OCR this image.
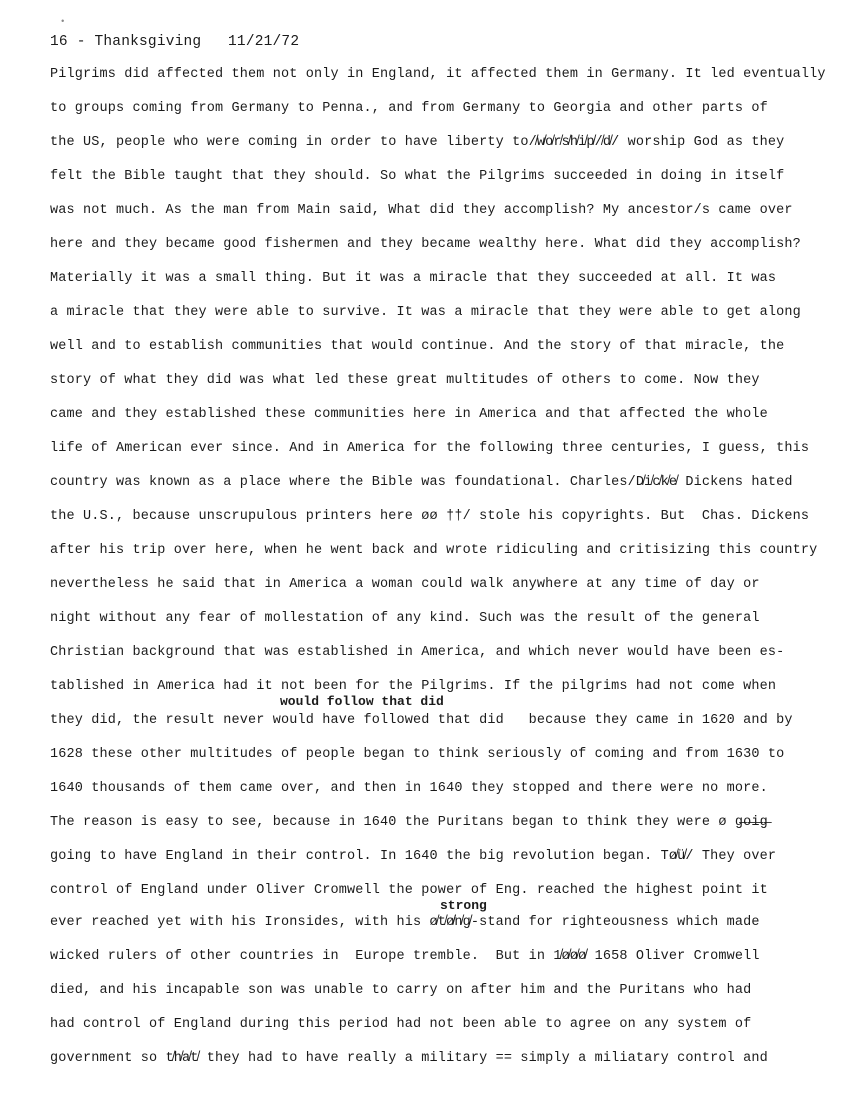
•
16 - Thanksgiving   11/21/72
Pilgrims did affected them not only in England, it affected them in Germany. It led eventually
to groups coming from Germany to Penna., and from Germany to Georgia and other parts of
the US, people who were coming in order to have liberty to/̸w̸o̸r̸s̸h̸i̸p̸/̸d̸/ worship God as they
felt the Bible taught that they should. So what the Pilgrims succeeded in doing in itself
was not much. As the man from Main said, What did they accomplish? My ancestor/s came over
here and they became good fishermen and they became wealthy here. What did they accomplish?
Materially it was a small thing. But it was a miracle that they succeeded at all. It was
a miracle that they were able to survive. It was a miracle that they were able to get along
well and to establish communities that would continue. And the story of that miracle, the
story of what they did was what led these great multitudes of others to come. Now they
came and they established these communities here in America and that affected the whole
life of American ever since. And in America for the following three centuries, I guess, this
country was known as a place where the Bible was foundational. Charles/D̸i̸c̸k̸e̸ Dickens hated
the U.S., because unscrupulous printers here øø ††/ stole his copyrights. But  Chas. Dickens
after his trip over here, when he went back and wrote ridiculing and critisizing this country
nevertheless he said that in America a woman could walk anywhere at any time of day or
night without any fear of mollestation of any kind. Such was the result of the general
Christian background that was established in America, and which never would have been es-
tablished in America had it not been for the Pilgrims. If the pilgrims had not come when
would follow that did
they did, the result never would have followed that did   because they came in 1620 and by
1628 these other multitudes of people began to think seriously of coming and from 1630 to
1640 thousands of them came over, and then in 1640 they stopped and there were no more.
The reason is easy to see, because in 1640 the Puritans began to think they were ø g̶o̶i̶g̶
going to have England in their control. In 1640 the big revolution began. Tø̸ü̸/ They over
control of England under Oliver Cromwell the power of Eng. reached the highest point it
strong
ever reached yet with his Ironsides, with his ø̸t̸ø̸̸n̸g̸-stand for righteousness which made
wicked rulers of other countries in  Europe tremble.  But in 1̸ø̸ø̸ø̸ 1658 Oliver Cromwell
died, and his incapable son was unable to carry on after him and the Puritans who had
had control of England during this period had not been able to agree on any system of
government so t̸h̸a̸t̸ they had to have really a military == simply a miliatary control and
